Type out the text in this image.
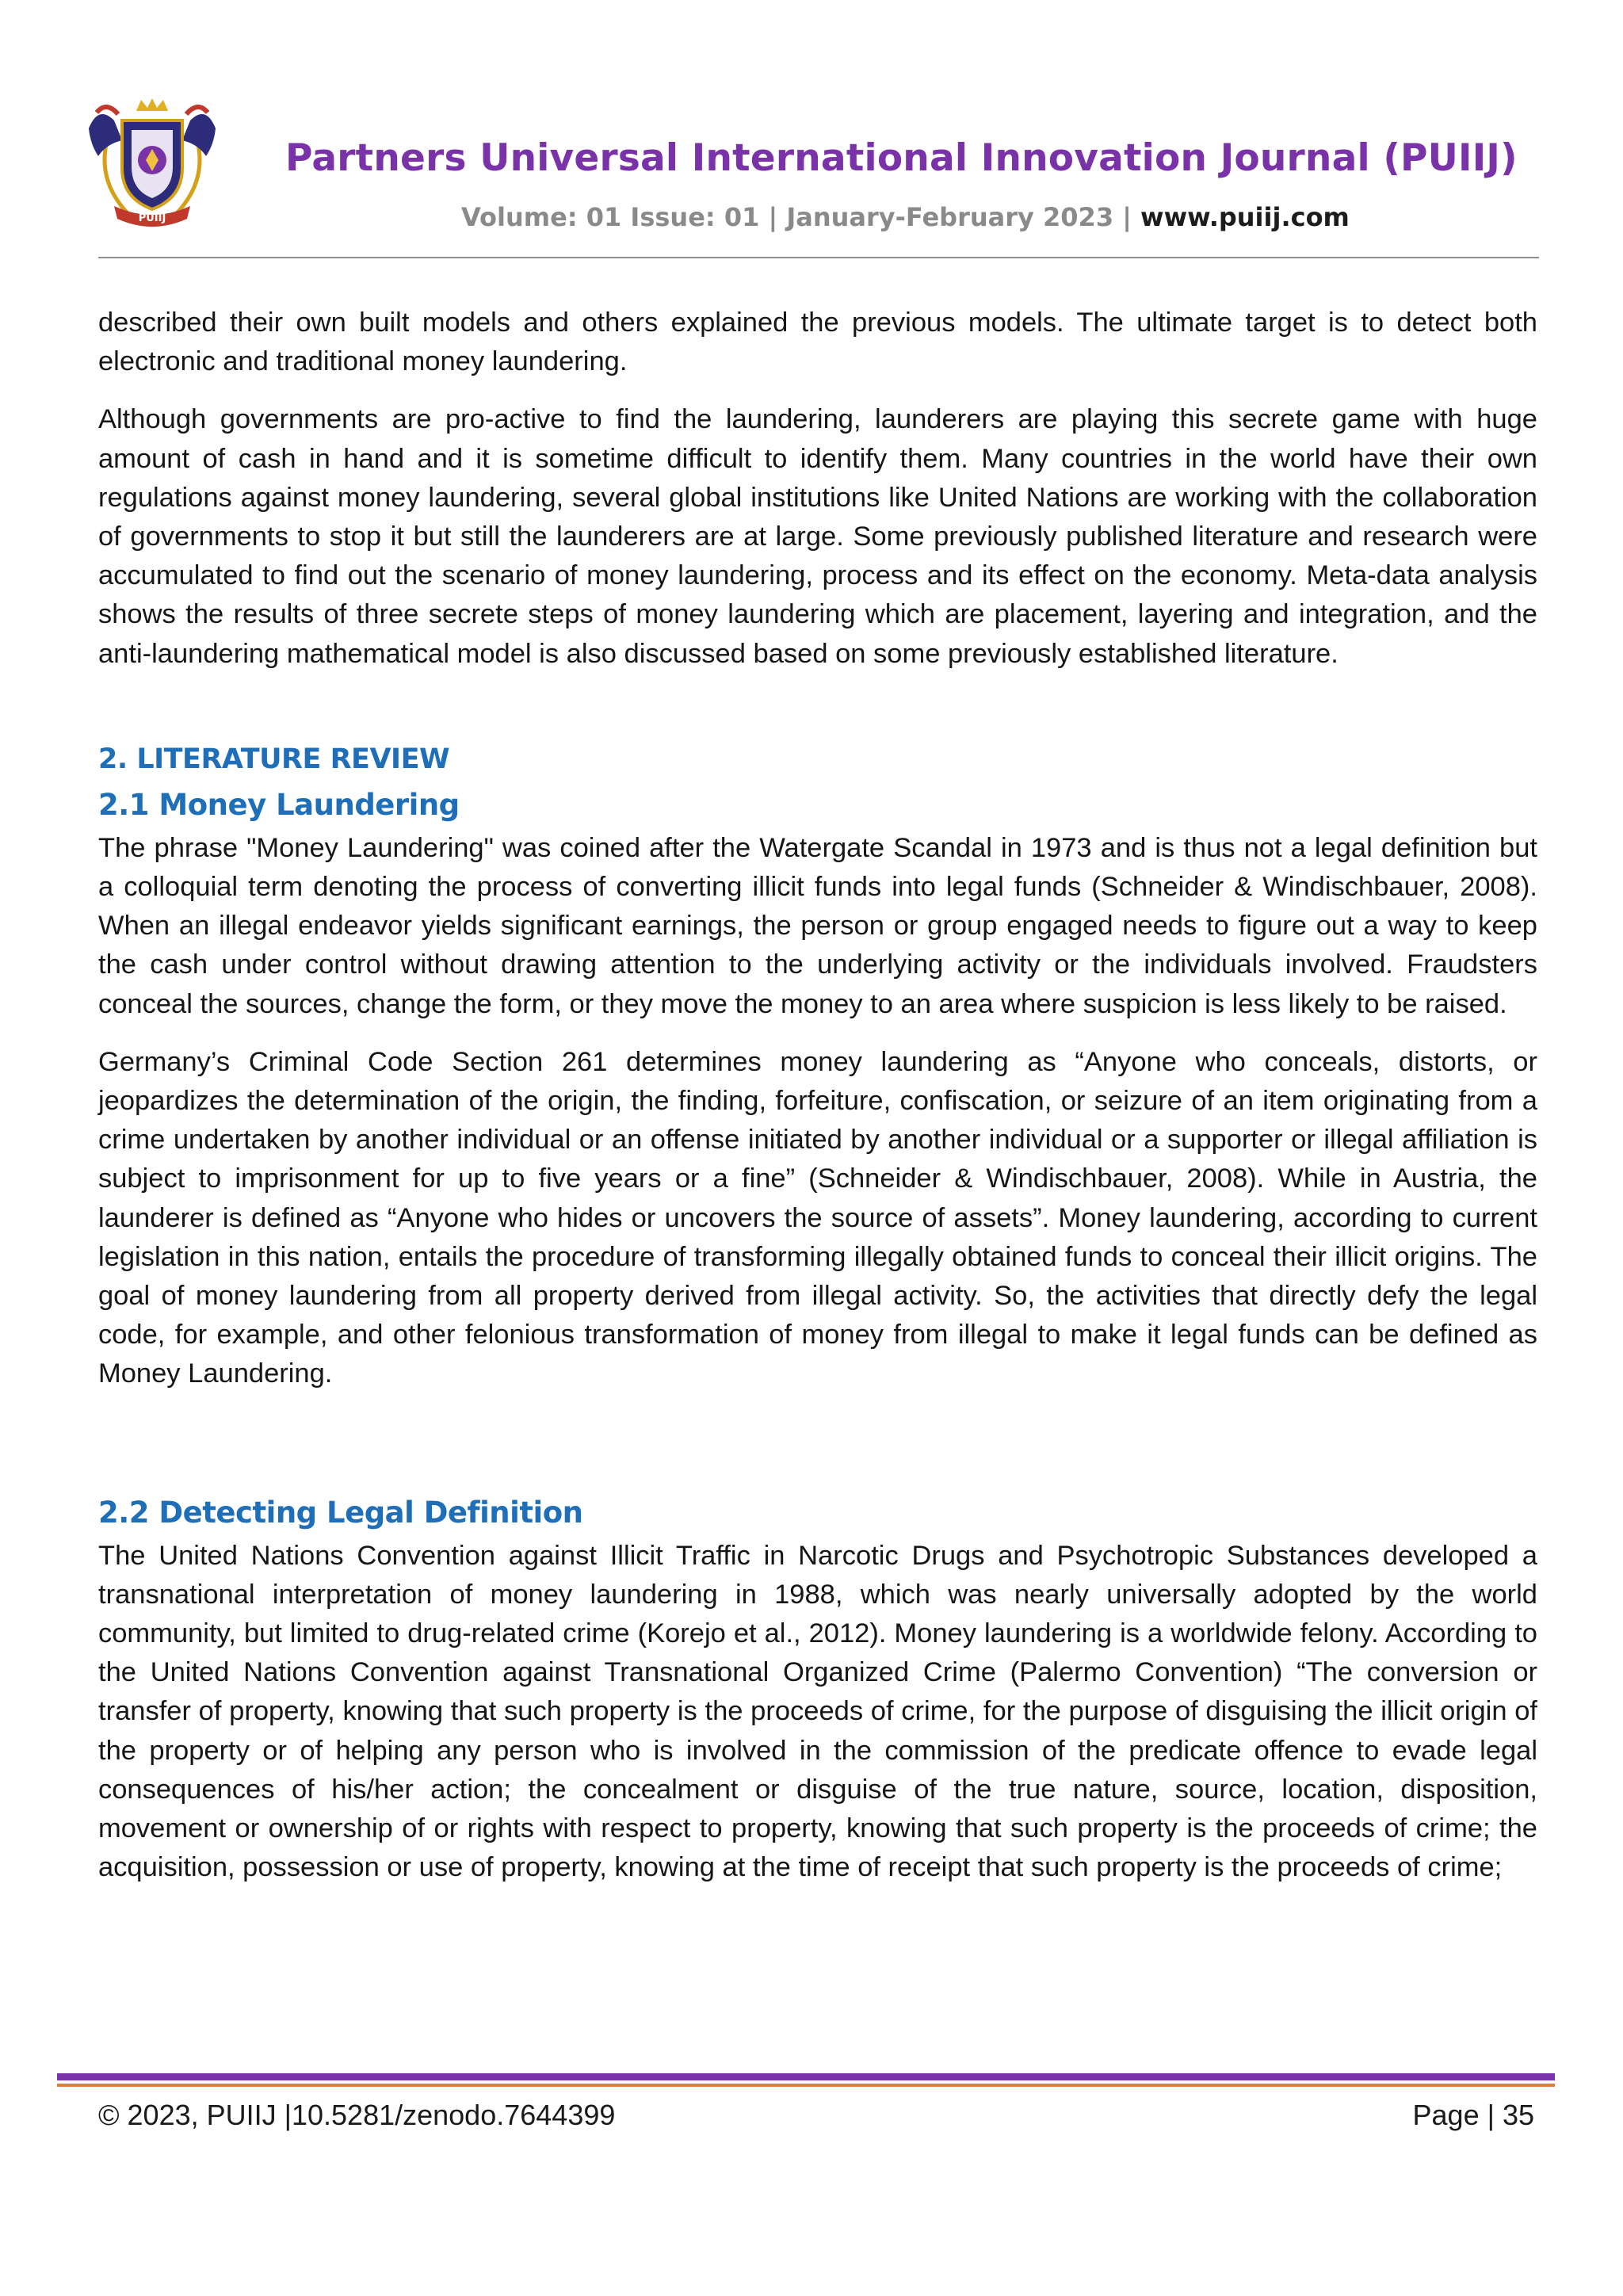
PUIIJ
Partners Universal International Innovation Journal (PUIIJ)
Volume: 01 Issue: 01 | January-February 2023 | www.puiij.com

described their own built models and others explained the previous models. The ultimate target is to detect both electronic and traditional money laundering.

Although governments are pro-active to find the laundering, launderers are playing this secrete game with huge amount of cash in hand and it is sometime difficult to identify them. Many countries in the world have their own regulations against money laundering, several global institutions like United Nations are working with the collaboration of governments to stop it but still the launderers are at large. Some previously published literature and research were accumulated to find out the scenario of money laundering, process and its effect on the economy. Meta-data analysis shows the results of three secrete steps of money laundering which are placement, layering and integration, and the anti-laundering mathematical model is also discussed based on some previously established literature.

2. LITERATURE REVIEW
2.1 Money Laundering

The phrase "Money Laundering" was coined after the Watergate Scandal in 1973 and is thus not a legal definition but a colloquial term denoting the process of converting illicit funds into legal funds (Schneider & Windischbauer, 2008). When an illegal endeavor yields significant earnings, the person or group engaged needs to figure out a way to keep the cash under control without drawing attention to the underlying activity or the individuals involved. Fraudsters conceal the sources, change the form, or they move the money to an area where suspicion is less likely to be raised.

Germany’s Criminal Code Section 261 determines money laundering as “Anyone who conceals, distorts, or jeopardizes the determination of the origin, the finding, forfeiture, confiscation, or seizure of an item originating from a crime undertaken by another individual or an offense initiated by another individual or a supporter or illegal affiliation is subject to imprisonment for up to five years or a fine” (Schneider & Windischbauer, 2008). While in Austria, the launderer is defined as “Anyone who hides or uncovers the source of assets”. Money laundering, according to current legislation in this nation, entails the procedure of transforming illegally obtained funds to conceal their illicit origins. The goal of money laundering from all property derived from illegal activity. So, the activities that directly defy the legal code, for example, and other felonious transformation of money from illegal to make it legal funds can be defined as Money Laundering.

2.2 Detecting Legal Definition

The United Nations Convention against Illicit Traffic in Narcotic Drugs and Psychotropic Substances developed a transnational interpretation of money laundering in 1988, which was nearly universally adopted by the world community, but limited to drug-related crime (Korejo et al., 2012). Money laundering is a worldwide felony. According to the United Nations Convention against Transnational Organized Crime (Palermo Convention) “The conversion or transfer of property, knowing that such property is the proceeds of crime, for the purpose of disguising the illicit origin of the property or of helping any person who is involved in the commission of the predicate offence to evade legal consequences of his/her action; the concealment or disguise of the true nature, source, location, disposition, movement or ownership of or rights with respect to property, knowing that such property is the proceeds of crime; the acquisition, possession or use of property, knowing at the time of receipt that such property is the proceeds of crime;

© 2023, PUIIJ |10.5281/zenodo.7644399	Page | 35
